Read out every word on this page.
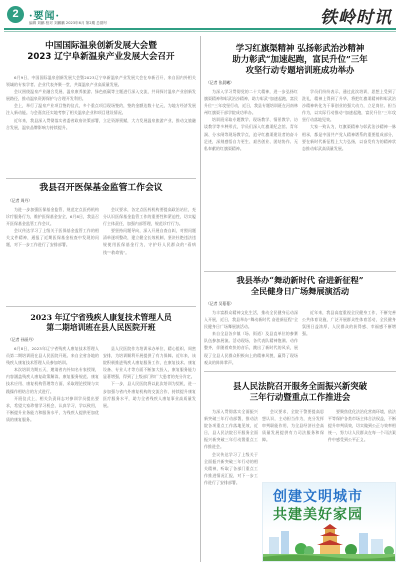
2	·要闻·
编辑 刘鹏 校对 刘鹏鹏 2023年6月 第2期 总期号	铁岭时讯
中国国际温泉创新发展大会暨
2023 辽宁阜新温泉产业发展大会召开

6月9日，中国国际温泉创新发展大会暨2023辽宁阜新温泉产业发展大会在阜新召开，来自国内外相关领域的专家学者、企业代表齐聚一堂，共谋温泉产业高质量发展。

会议围绕温泉产业融合发展、温泉康养旅游、绿色低碳等主题进行深入交流，共同探讨温泉产业创新发展路径，推动温泉资源保护与合理开发利用。

会上，举行了温泉产业项目签约仪式，多个重点项目现场签约，签约金额达数十亿元，为地方经济发展注入新动能。与会嘉宾还实地考察了相关温泉企业和项目建设情况。

近年来，我县深入贯彻落实省委省政府决策部署，立足资源禀赋，大力发展温泉旅游产业，推动文旅融合发展，温泉品牌影响力持续提升。

我县召开医保基金监管工作会议
（记者 周丹）

为进一步加强医保基金监管，规范定点医药机构诊疗服务行为，维护医保基金安全，6月8日，我县召开医保基金监管工作会议。

会议传达学习了上级关于医保基金监管工作的相关文件精神，通报了近期医保基金检查中发现的问题，对下一步工作进行了安排部署。

会议要求，各定点医药机构要提高政治站位，充分认识医保基金监管工作的重要性和紧迫性，切实履行主体责任，加强内部管理，规范诊疗行为。

要坚持问题导向，深入开展自查自纠，对照问题清单逐项整改，建立健全长效机制，坚决杜绝违法违规使用医保基金行为，守护好人民群众的“看病钱”“救命钱”。

2023 年辽宁省残疾人康复技术管理人员
第二期培训班在县人民医院开班
（记者 孙丽丹）

6月8日，2023年辽宁省残疾人康复技术管理人员第二期培训班在县人民医院开班。来自全省各地的残疾人康复技术管理人员参加培训。

本次培训为期五天，邀请省内外知名专家授课，内容涵盖残疾人康复政策解读、康复服务规范、康复技术应用、康复机构管理等方面，采取理论授课与实践操作相结合的方式进行。

开班仪式上，相关负责同志对参训学员提出要求，希望大家珍惜学习机会，认真学习，学以致用，不断提升业务能力和服务水平，为残疾人提供更加优质的康复服务。

县人民医院作为培训承办单位，精心组织、周密安排，为培训顺利开展提供了有力保障。近年来，该院积极推进残疾人康复服务工作，在康复技术、康复设备、专业人才等方面不断加大投入，康复服务能力显著增强，得到了上级部门和广大患者的充分肯定。

下一步，县人民医院将以此次培训为契机，进一步加强与省内外康复机构的交流合作，持续提升康复医疗服务水平，助力全省残疾人康复事业高质量发展。

学习红旗渠精神 弘扬彰武治沙精神
助力彰武“加速起跑，富民升位”三年
攻坚行动专题培训班成功举办
（记者 张晨曦）

为深入学习贯彻党的二十大精神，进一步弘扬红旗渠精神和彰武治沙精神，助力彰武“加速起跑，富民升位”三年攻坚行动，近日，我县专题培训班在河南林州红旗渠干部学院成功举办。

培训班采取专题教学、现场教学、情景教学、访谈教学等多种形式，学员们深入红旗渠纪念馆、青年洞、分水闸等现场教学点，追寻红旗渠建设者的奋斗足迹，深刻感悟自力更生、艰苦创业、团结协作、无私奉献的红旗渠精神。

学员们纷纷表示，通过此次培训，思想上受到了洗礼，精神上得到了升华，将把红旗渠精神和彰武治沙精神转化为干事创业的强大动力，立足岗位、担当作为，以实际行动推动“加速起跑，富民升位”三年攻坚行动落地见效。

大家一致认为，红旗渠精神与彰武治沙精神一脉相承，都是中国共产党人精神谱系的重要组成部分，要在新时代新征程上大力弘扬，以奋发有为的精神状态推动彰武高质量发展。

我县举办“舞动新时代 奋进新征程”
全民健身日广场舞展演活动
（记者 吴蔓蔓）

为丰富群众精神文化生活，推动全民健身运动深入开展，近日，我县举办“舞动新时代 奋进新征程”全民健身日广场舞展演活动。

来自全县各乡镇（场、街道）及县直单位的参赛队伍参加展演。活动现场，各代表队精神饱满、动作整齐，伴随着欢快的音乐，跳出了新时代的风采，展现了全县人民群众积极向上的精神风貌，赢得了现场观众的阵阵掌声。

近年来，我县高度重视全民健身工作，不断完善公共体育设施，广泛开展群众性体育活动，全民健身氛围日益浓厚，人民群众的获得感、幸福感不断增强。

县人民法院召开服务全面振兴新突破
三年行动暨重点工作推进会

为深入贯彻落实全面振兴新突破三年行动部署，推动法院各项重点工作落地见效，近日，县人民法院召开服务全面振兴新突破三年行动暨重点工作推进会。

会议传达学习了上级关于全面振兴新突破三年行动的相关精神，听取了各部门重点工作推进情况汇报，对下一步工作进行了安排部署。

会议要求，全院干警要提高思想认识，主动担当作为，充分发挥审判职能作用，为全县经济社会高质量发展提供有力司法服务和保障。

要聚焦优化法治化营商环境，依法平等保护各类市场主体合法权益，不断提升审判质效，切实做到公正与效率相统一，努力让人民群众在每一个司法案件中感受到公平正义。

创建文明城市
共建美好家园
